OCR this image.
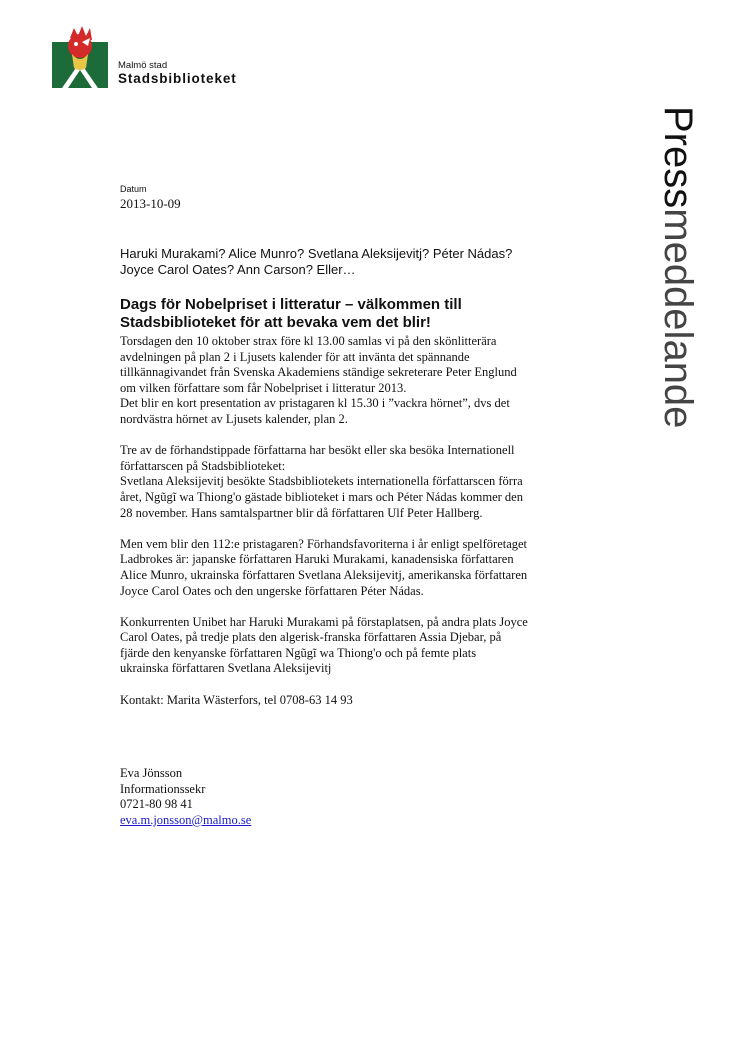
Malmö stad
Stadsbiblioteket
Pressmeddelande
Datum
2013-10-09
Haruki Murakami? Alice Munro? Svetlana Aleksijevitj? Péter Nádas?
Joyce Carol Oates? Ann Carson? Eller…
Dags för Nobelpriset i litteratur – välkommen till
Stadsbiblioteket för att bevaka vem det blir!

Torsdagen den 10 oktober strax före kl 13.00 samlas vi på den skönlitterära
avdelningen på plan 2 i Ljusets kalender för att invänta det spännande
tillkännagivandet från Svenska Akademiens ständige sekreterare Peter Englund
om vilken författare som får Nobelpriset i litteratur 2013.
Det blir en kort presentation av pristagaren kl 15.30 i ”vackra hörnet”, dvs det
nordvästra hörnet av Ljusets kalender, plan 2.

Tre av de förhandstippade författarna har besökt eller ska besöka Internationell
författarscen på Stadsbiblioteket:
Svetlana Aleksijevitj besökte Stadsbibliotekets internationella författarscen förra
året, Ngũgĩ wa Thiong'o gästade biblioteket i mars och Péter Nádas kommer den
28 november. Hans samtalspartner blir då författaren Ulf Peter Hallberg.

Men vem blir den 112:e pristagaren? Förhandsfavoriterna i år enligt spelföretaget
Ladbrokes är: japanske författaren Haruki Murakami, kanadensiska författaren
Alice Munro, ukrainska författaren Svetlana Aleksijevitj, amerikanska författaren
Joyce Carol Oates och den ungerske författaren Péter Nádas.

Konkurrenten Unibet har Haruki Murakami på förstaplatsen, på andra plats Joyce
Carol Oates, på tredje plats den algerisk-franska författaren Assia Djebar, på
fjärde den kenyanske författaren Ngũgĩ wa Thiong'o och på femte plats
ukrainska författaren Svetlana Aleksijevitj

Kontakt: Marita Wästerfors, tel 0708-63 14 93

Eva Jönsson
Informationssekr
0721-80 98 41
eva.m.jonsson@malmo.se
